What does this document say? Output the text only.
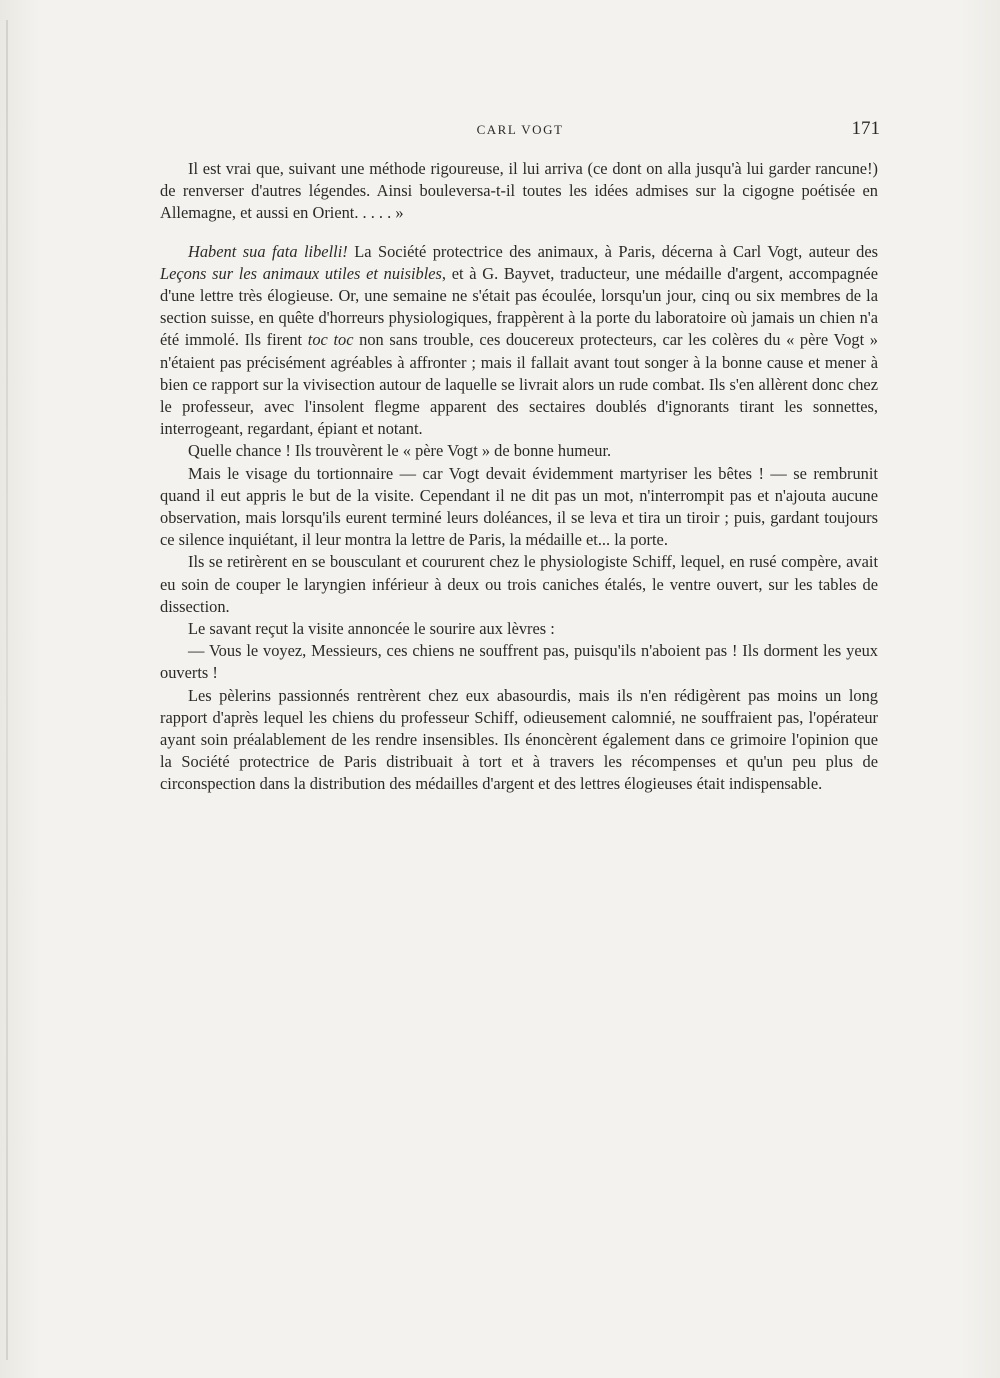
CARL VOGT	171

Il est vrai que, suivant une méthode rigoureuse, il lui arriva (ce dont on alla jusqu'à lui garder rancune!) de renverser d'autres légendes. Ainsi bouleversa-t-il toutes les idées admises sur la cigogne poétisée en Allemagne, et aussi en Orient. . . . . »

Habent sua fata libelli! La Société protectrice des animaux, à Paris, décerna à Carl Vogt, auteur des Leçons sur les animaux utiles et nuisibles, et à G. Bayvet, traducteur, une médaille d'argent, accompagnée d'une lettre très élogieuse. Or, une semaine ne s'était pas écoulée, lorsqu'un jour, cinq ou six membres de la section suisse, en quête d'horreurs physiologiques, frappèrent à la porte du laboratoire où jamais un chien n'a été immolé. Ils firent toc toc non sans trouble, ces doucereux protecteurs, car les colères du « père Vogt » n'étaient pas précisément agréables à affronter ; mais il fallait avant tout songer à la bonne cause et mener à bien ce rapport sur la vivisection autour de laquelle se livrait alors un rude combat. Ils s'en allèrent donc chez le professeur, avec l'insolent flegme apparent des sectaires doublés d'ignorants tirant les sonnettes, interrogeant, regardant, épiant et notant.

Quelle chance ! Ils trouvèrent le « père Vogt » de bonne humeur.

Mais le visage du tortionnaire — car Vogt devait évidemment martyriser les bêtes ! — se rembrunit quand il eut appris le but de la visite. Cependant il ne dit pas un mot, n'interrompit pas et n'ajouta aucune observation, mais lorsqu'ils eurent terminé leurs doléances, il se leva et tira un tiroir ; puis, gardant toujours ce silence inquiétant, il leur montra la lettre de Paris, la médaille et... la porte.

Ils se retirèrent en se bousculant et coururent chez le physiologiste Schiff, lequel, en rusé compère, avait eu soin de couper le laryngien inférieur à deux ou trois caniches étalés, le ventre ouvert, sur les tables de dissection.

Le savant reçut la visite annoncée le sourire aux lèvres :

— Vous le voyez, Messieurs, ces chiens ne souffrent pas, puisqu'ils n'aboient pas ! Ils dorment les yeux ouverts !

Les pèlerins passionnés rentrèrent chez eux abasourdis, mais ils n'en rédigèrent pas moins un long rapport d'après lequel les chiens du professeur Schiff, odieusement calomnié, ne souffraient pas, l'opérateur ayant soin préalablement de les rendre insensibles. Ils énoncèrent également dans ce grimoire l'opinion que la Société protectrice de Paris distribuait à tort et à travers les récompenses et qu'un peu plus de circonspection dans la distribution des médailles d'argent et des lettres élogieuses était indispensable.
